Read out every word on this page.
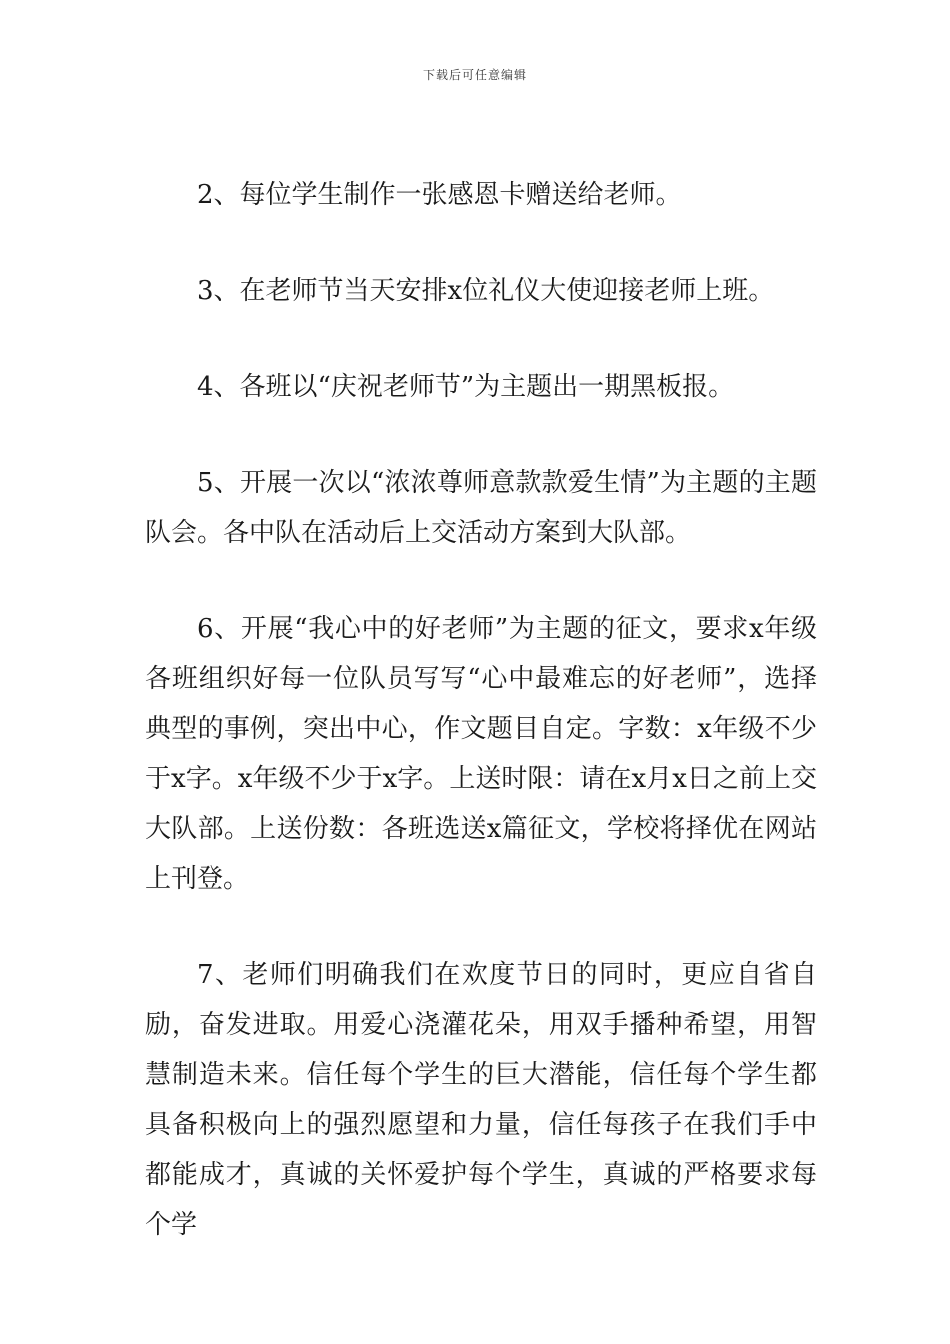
下载后可任意编辑

2、每位学生制作一张感恩卡赠送给老师。

3、在老师节当天安排x位礼仪大使迎接老师上班。

4、各班以“庆祝老师节”为主题出一期黑板报。

5、开展一次以“浓浓尊师意款款爱生情”为主题的主题队会。各中队在活动后上交活动方案到大队部。

6、开展“我心中的好老师”为主题的征文，要求x年级各班组织好每一位队员写写“心中最难忘的好老师”，选择典型的事例，突出中心，作文题目自定。字数：x年级不少于x字。x年级不少于x字。上送时限：请在x月x日之前上交大队部。上送份数：各班选送x篇征文，学校将择优在网站上刊登。

7、老师们明确我们在欢度节日的同时，更应自省自励，奋发进取。用爱心浇灌花朵，用双手播种希望，用智慧制造未来。信任每个学生的巨大潜能，信任每个学生都具备积极向上的强烈愿望和力量，信任每孩子在我们手中都能成才，真诚的关怀爱护每个学生，真诚的严格要求每个学
